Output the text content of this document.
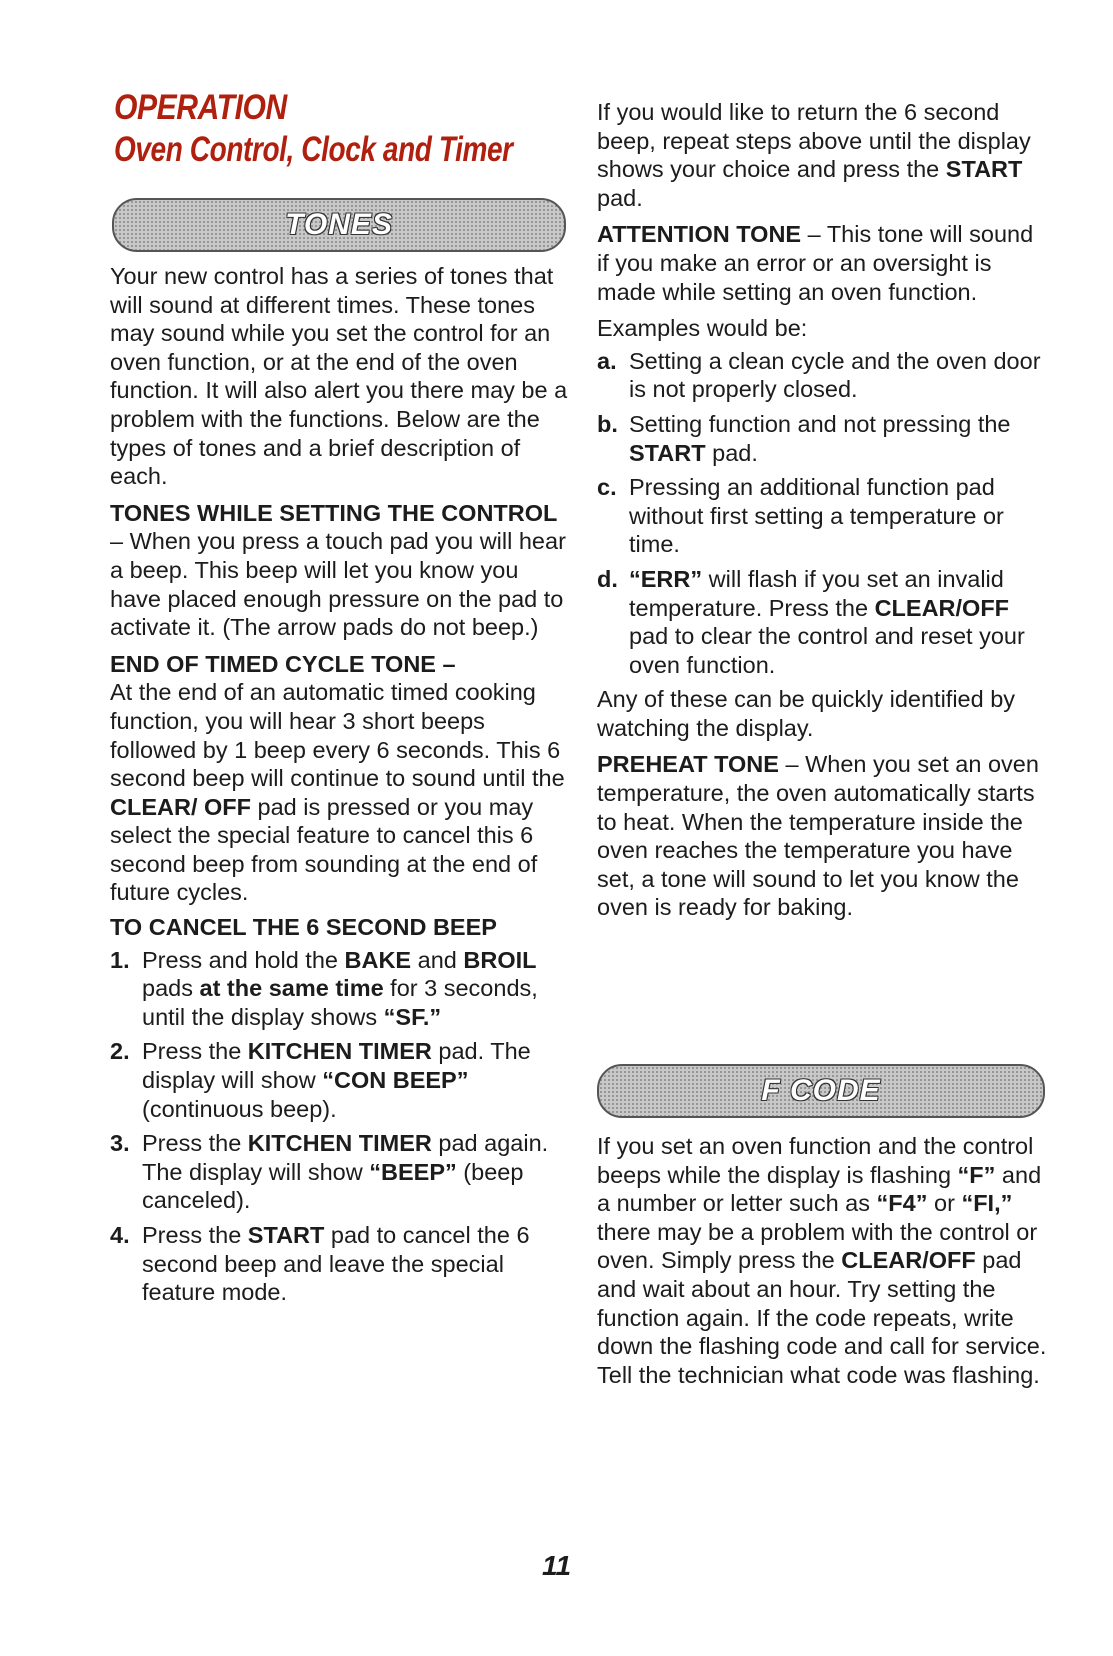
OPERATION
Oven Control, Clock and Timer
TONES

Your new control has a series of tones that will sound at different times. These tones may sound while you set the control for an oven function, or at the end of the oven function. It will also alert you there may be a problem with the functions. Below are the types of tones and a brief description of each.

TONES WHILE SETTING THE CONTROL – When you press a touch pad you will hear a beep. This beep will let you know you have placed enough pressure on the pad to activate it. (The arrow pads do not beep.)

END OF TIMED CYCLE TONE –
At the end of an automatic timed cooking function, you will hear 3 short beeps followed by 1 beep every 6 seconds. This 6 second beep will continue to sound until the CLEAR/ OFF pad is pressed or you may select the special feature to cancel this 6 second beep from sounding at the end of future cycles.

TO CANCEL THE 6 SECOND BEEP

1. Press and hold the BAKE and BROIL pads at the same time for 3 seconds, until the display shows “SF.”
2. Press the KITCHEN TIMER pad. The display will show “CON BEEP” (continuous beep).
3. Press the KITCHEN TIMER pad again. The display will show “BEEP” (beep canceled).
4. Press the START pad to cancel the 6 second beep and leave the special feature mode.

If you would like to return the 6 second beep, repeat steps above until the display shows your choice and press the START pad.

ATTENTION TONE – This tone will sound if you make an error or an oversight is made while setting an oven function.

Examples would be:

a. Setting a clean cycle and the oven door is not properly closed.
b. Setting function and not pressing the START pad.
c. Pressing an additional function pad without first setting a temperature or time.
d. “ERR” will flash if you set an invalid temperature. Press the CLEAR/OFF pad to clear the control and reset your oven function.

Any of these can be quickly identified by watching the display.

PREHEAT TONE – When you set an oven temperature, the oven automatically starts to heat. When the temperature inside the oven reaches the temperature you have set, a tone will sound to let you know the oven is ready for baking.

F CODE

If you set an oven function and the control beeps while the display is flashing “F” and a number or letter such as “F4” or “FI,” there may be a problem with the control or oven. Simply press the CLEAR/OFF pad and wait about an hour. Try setting the function again. If the code repeats, write down the flashing code and call for service. Tell the technician what code was flashing.

11
